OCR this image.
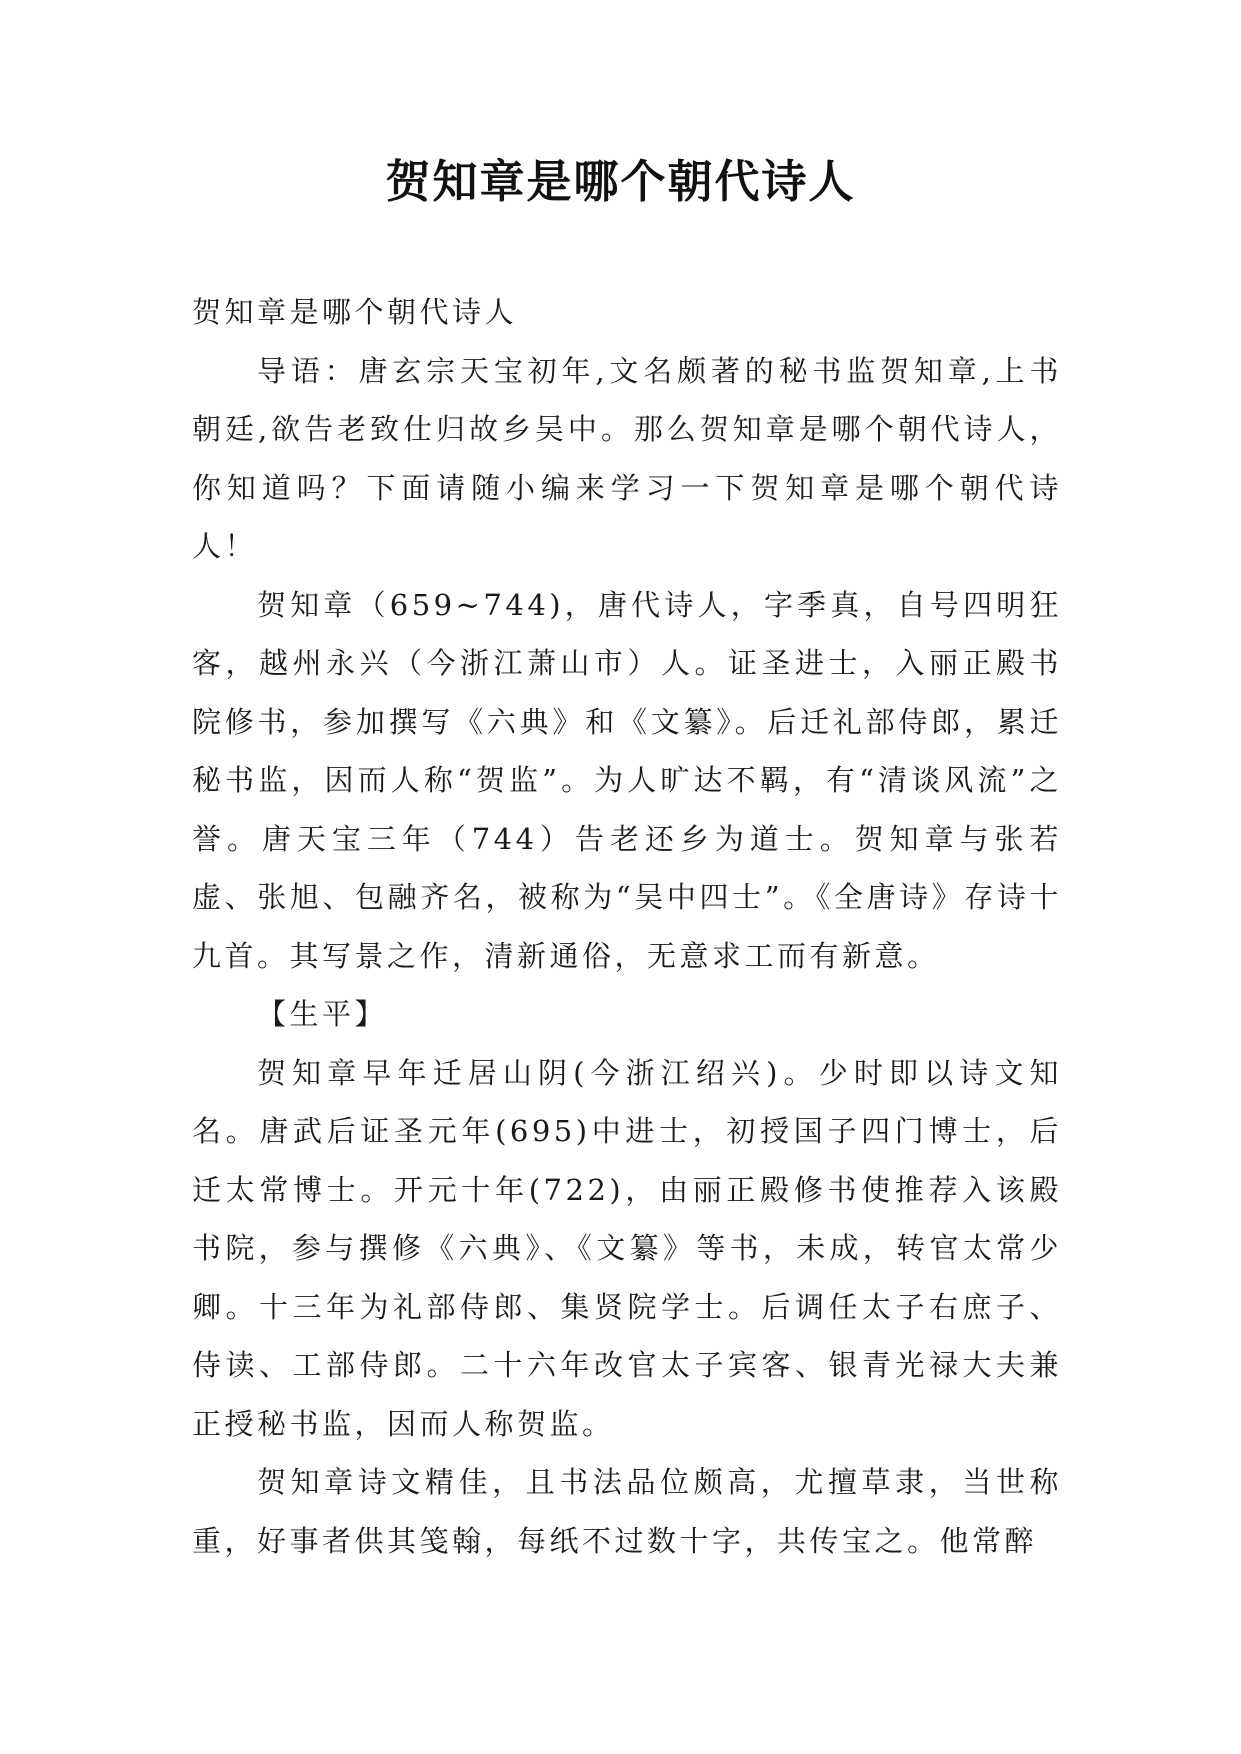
贺知章是哪个朝代诗人

贺知章是哪个朝代诗人

导语：唐玄宗天宝初年,文名颇著的秘书监贺知章,上书朝廷,欲告老致仕归故乡吴中。那么贺知章是哪个朝代诗人，你知道吗？下面请随小编来学习一下贺知章是哪个朝代诗人！

贺知章（659~744)，唐代诗人，字季真，自号四明狂客，越州永兴（今浙江萧山市）人。证圣进士，入丽正殿书院修书，参加撰写《六典》和《文纂》。后迁礼部侍郎，累迁秘书监，因而人称“贺监”。为人旷达不羁，有“清谈风流”之誉。唐天宝三年（744）告老还乡为道士。贺知章与张若虚、张旭、包融齐名，被称为“吴中四士”。《全唐诗》存诗十九首。其写景之作，清新通俗，无意求工而有新意。

【生平】

贺知章早年迁居山阴(今浙江绍兴)。少时即以诗文知名。唐武后证圣元年(695)中进士，初授国子四门博士，后迁太常博士。开元十年(722)，由丽正殿修书使推荐入该殿书院，参与撰修《六典》、《文纂》等书，未成，转官太常少卿。十三年为礼部侍郎、集贤院学士。后调任太子右庶子、侍读、工部侍郎。二十六年改官太子宾客、银青光禄大夫兼正授秘书监，因而人称贺监。

贺知章诗文精佳，且书法品位颇高，尤擅草隶，当世称重，好事者供其笺翰，每纸不过数十字，共传宝之。他常醉
